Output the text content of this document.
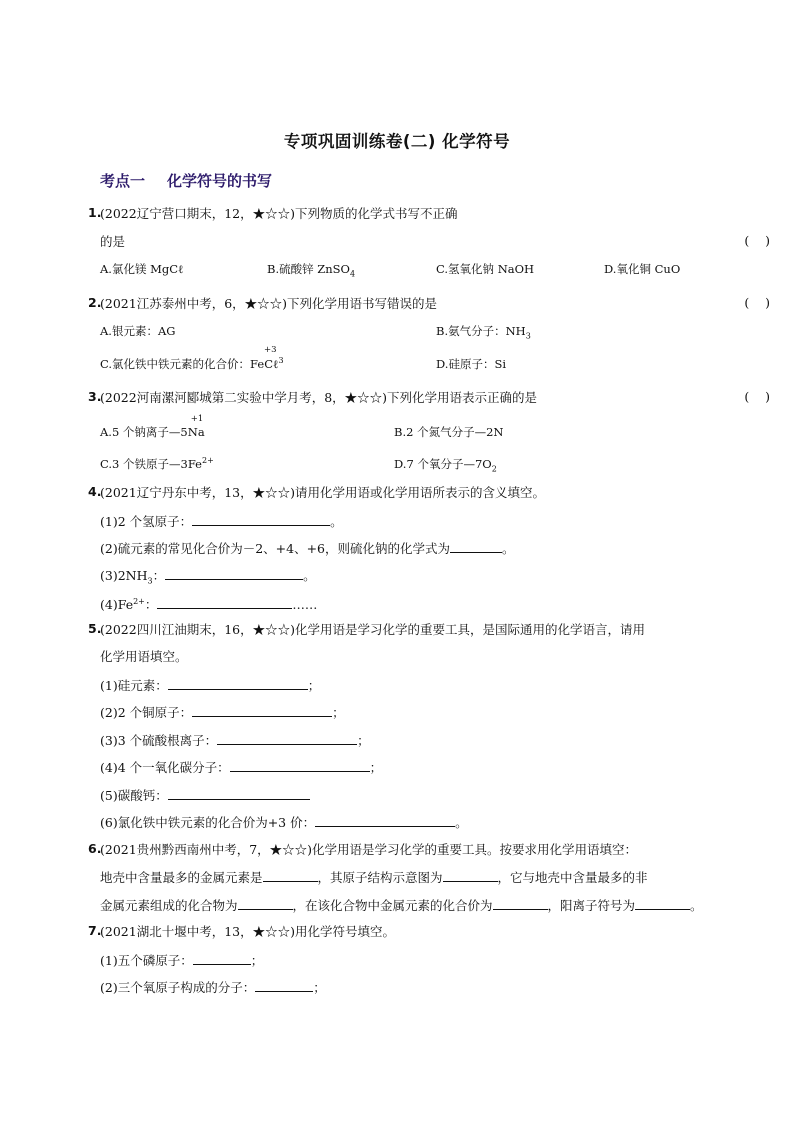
专项巩固训练卷(二) 化学符号
考点一 化学符号的书写
1.
(2022辽宁营口期末，12，★☆☆)下列物质的化学式书写不正确
的是	(    )
A.氯化镁 MgCℓ	B.硫酸锌 ZnSO$_4$	C.氢氧化钠 NaOH	D.氧化铜 CuO
2.
(2021江苏泰州中考，6，★☆☆)下列化学用语书写错误的是	(    )
A.银元素：AG	B.氨气分子：$NH_3$
C.氯化铁中铁元素的化合价：
+3
FeCℓ$^3$	D.硅原子：Si
3.
(2022河南漯河郾城第二实验中学月考，8，★☆☆)下列化学用语表示正确的是	(    )
A.5 个钠离子—5
+1
Na	B.2 个氮气分子—2N
C.3 个铁原子$—3Fe^{2+}$	D.7 个氧分子$—7O_2$
4.
(2021辽宁丹东中考，13，★☆☆)请用化学用语或化学用语所表示的含义填空。
(1)2 个氢原子：	。
(2)硫元素的常见化合价为－2、+4、+6，则硫化钠的化学式为	。
$(3)2NH_3$：	。
$(4)Fe^{2+}$：	……
5.
(2022四川江油期末，16，★☆☆)化学用语是学习化学的重要工具，是国际通用的化学语言，请用
化学用语填空。
(1)硅元素：	；
(2)2 个铜原子：	；
(3)3 个硫酸根离子：	；
(4)4 个一氧化碳分子：	；
(5)碳酸钙：
(6)氯化铁中铁元素的化合价为+3 价：	。
6.
(2021贵州黔西南州中考，7，★☆☆)化学用语是学习化学的重要工具。按要求用化学用语填空：
地壳中含量最多的金属元素是	，其原子结构示意图为	，它与地壳中含量最多的非
金属元素组成的化合物为	，在该化合物中金属元素的化合价为	，阳离子符号为	。
7.
(2021湖北十堰中考，13，★☆☆)用化学符号填空。
(1)五个磷原子：	；
(2)三个氧原子构成的分子：	；
